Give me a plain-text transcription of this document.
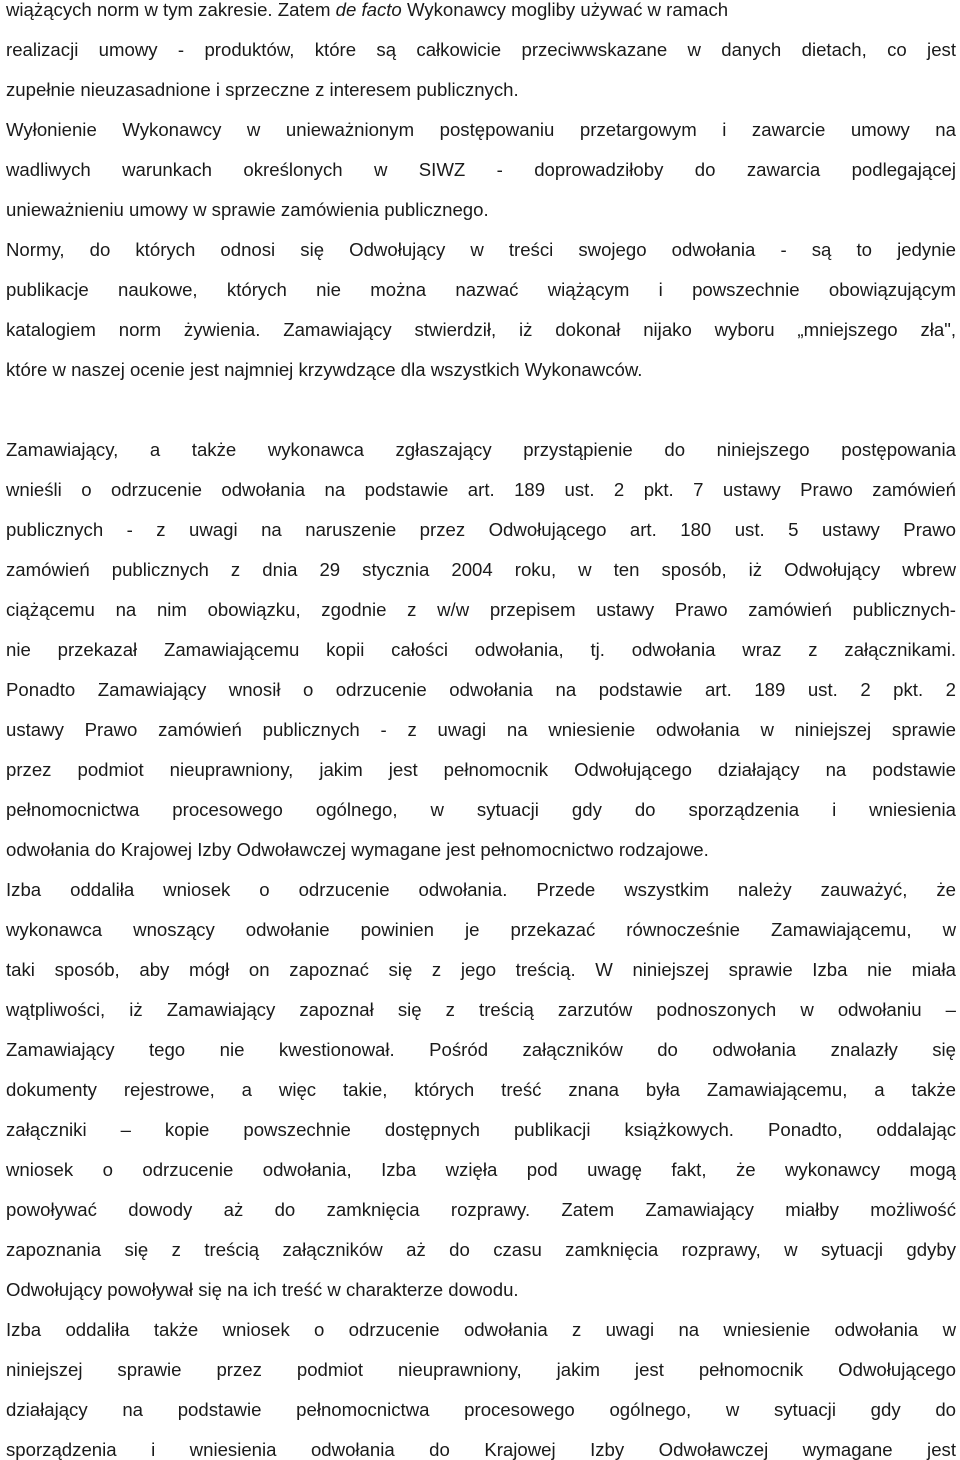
wiążących norm w tym zakresie. Zatem de facto Wykonawcy mogliby używać w ramach
realizacji umowy - produktów, które są całkowicie przeciwwskazane w danych dietach, co jest
zupełnie nieuzasadnione i sprzeczne z interesem publicznych.
Wyłonienie Wykonawcy w unieważnionym postępowaniu przetargowym i zawarcie umowy na
wadliwych warunkach określonych w SIWZ - doprowadziłoby do zawarcia podlegającej
unieważnieniu umowy w sprawie zamówienia publicznego.
Normy, do których odnosi się Odwołujący w treści swojego odwołania - są to jedynie
publikacje naukowe, których nie można nazwać wiążącym i powszechnie obowiązującym
katalogiem norm żywienia. Zamawiający stwierdził, iż dokonał nijako wyboru „mniejszego zła",
które w naszej ocenie jest najmniej krzywdzące dla wszystkich Wykonawców.
Zamawiający, a także wykonawca zgłaszający przystąpienie do niniejszego postępowania
wnieśli o odrzucenie odwołania na podstawie art. 189 ust. 2 pkt. 7 ustawy Prawo zamówień
publicznych - z uwagi na naruszenie przez Odwołującego art. 180 ust. 5 ustawy Prawo
zamówień publicznych z dnia 29 stycznia 2004 roku, w ten sposób, iż Odwołujący wbrew
ciążącemu na nim obowiązku, zgodnie z w/w przepisem ustawy Prawo zamówień publicznych-
nie przekazał Zamawiającemu kopii całości odwołania, tj. odwołania wraz z załącznikami.
Ponadto Zamawiający wnosił o odrzucenie odwołania na podstawie art. 189 ust. 2 pkt. 2
ustawy Prawo zamówień publicznych - z uwagi na wniesienie odwołania w niniejszej sprawie
przez podmiot nieuprawniony, jakim jest pełnomocnik Odwołującego działający na podstawie
pełnomocnictwa procesowego ogólnego, w sytuacji gdy do sporządzenia i wniesienia
odwołania do Krajowej Izby Odwoławczej wymagane jest pełnomocnictwo rodzajowe.
Izba oddaliła wniosek o odrzucenie odwołania. Przede wszystkim należy zauważyć, że
wykonawca wnoszący odwołanie powinien je przekazać równocześnie Zamawiającemu, w
taki sposób, aby mógł on zapoznać się z jego treścią. W niniejszej sprawie Izba nie miała
wątpliwości, iż Zamawiający zapoznał się z treścią zarzutów podnoszonych w odwołaniu –
Zamawiający tego nie kwestionował. Pośród załączników do odwołania znalazły się
dokumenty rejestrowe, a więc takie, których treść znana była Zamawiającemu, a także
załączniki – kopie powszechnie dostępnych publikacji książkowych. Ponadto, oddalając
wniosek o odrzucenie odwołania, Izba wzięła pod uwagę fakt, że wykonawcy mogą
powoływać dowody aż do zamknięcia rozprawy. Zatem Zamawiający miałby możliwość
zapoznania się z treścią załączników aż do czasu zamknięcia rozprawy, w sytuacji gdyby
Odwołujący powoływał się na ich treść w charakterze dowodu.
Izba oddaliła także wniosek o odrzucenie odwołania z uwagi na wniesienie odwołania w
niniejszej sprawie przez podmiot nieuprawniony, jakim jest pełnomocnik Odwołującego
działający na podstawie pełnomocnictwa procesowego ogólnego, w sytuacji gdy do
sporządzenia i wniesienia odwołania do Krajowej Izby Odwoławczej wymagane jest
